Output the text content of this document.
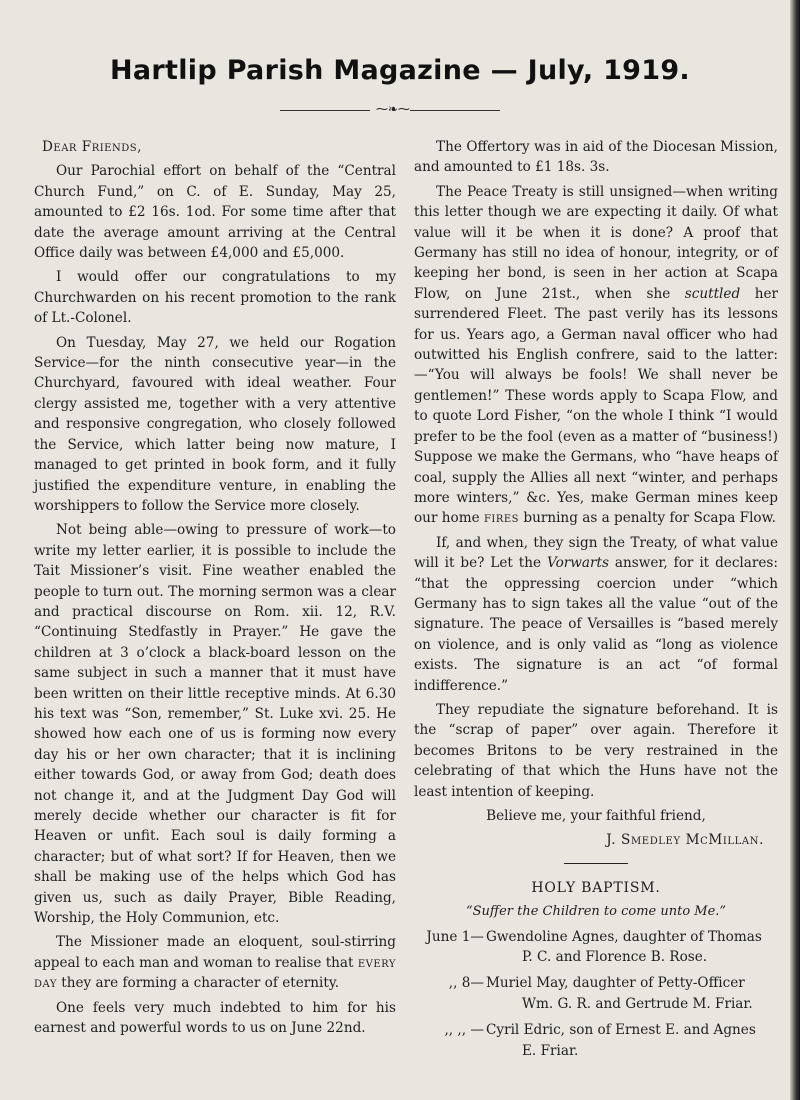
Hartlip Parish Magazine — July, 1919.
⁓❧⁓

Dear Friends,

Our Parochial effort on behalf of the “Central Church Fund,” on C. of E. Sunday, May 25, amounted to £2 16s. 1od. For some time after that date the average amount arriving at the Central Office daily was between £4,000 and £5,000.

I would offer our congratulations to my Churchwarden on his recent promotion to the rank of Lt.-Colonel.

On Tuesday, May 27, we held our Rogation Service—for the ninth consecutive year—in the Churchyard, favoured with ideal weather. Four clergy assisted me, together with a very attentive and responsive congregation, who closely followed the Service, which latter being now mature, I managed to get printed in book form, and it fully justified the expenditure venture, in enabling the worshippers to follow the Service more closely.

Not being able—owing to pressure of work—to write my letter earlier, it is possible to include the Tait Missioner’s visit. Fine weather enabled the people to turn out. The morning sermon was a clear and practical discourse on Rom. xii. 12, R.V. “Continuing Stedfastly in Prayer.” He gave the children at 3 o’clock a black-board lesson on the same subject in such a manner that it must have been written on their little receptive minds. At 6.30 his text was “Son, remember,” St. Luke xvi. 25. He showed how each one of us is forming now every day his or her own character; that it is inclining either towards God, or away from God; death does not change it, and at the Judgment Day God will merely decide whether our character is fit for Heaven or unfit. Each soul is daily forming a character; but of what sort? If for Heaven, then we shall be making use of the helps which God has given us, such as daily Prayer, Bible Reading, Worship, the Holy Communion, etc.

The Missioner made an eloquent, soul-stirring appeal to each man and woman to realise that every day they are forming a character of eternity.

One feels very much indebted to him for his earnest and powerful words to us on June 22nd.

The Offertory was in aid of the Diocesan Mission, and amounted to £1 18s. 3s.

The Peace Treaty is still unsigned—when writing this letter though we are expecting it daily. Of what value will it be when it is done? A proof that Germany has still no idea of honour, integrity, or of keeping her bond, is seen in her action at Scapa Flow, on June 21st., when she scuttled her surrendered Fleet. The past verily has its lessons for us. Years ago, a German naval officer who had outwitted his English confrere, said to the latter:—“You will always be fools! We shall never be gentlemen!” These words apply to Scapa Flow, and to quote Lord Fisher, “on the whole I think “I would prefer to be the fool (even as a matter of “business!) Suppose we make the Germans, who “have heaps of coal, supply the Allies all next “winter, and perhaps more winters,” &c. Yes, make German mines keep our home fires burning as a penalty for Scapa Flow.

If, and when, they sign the Treaty, of what value will it be? Let the Vorwarts answer, for it declares: “that the oppressing coercion under “which Germany has to sign takes all the value “out of the signature. The peace of Versailles is “based merely on violence, and is only valid as “long as violence exists. The signature is an act “of formal indifference.”

They repudiate the signature beforehand. It is the “scrap of paper” over again. Therefore it becomes Britons to be very restrained in the celebrating of that which the Huns have not the least intention of keeping.

Believe me, your faithful friend,

J. Smedley McMillan.

HOLY BAPTISM.

“Suffer the Children to come unto Me.”

June 1— Gwendoline Agnes, daughter of Thomas
P. C. and Florence B. Rose.
,, 8— Muriel May, daughter of Petty-Officer
Wm. G. R. and Gertrude M. Friar.
,, ,, — Cyril Edric, son of Ernest E. and Agnes
E. Friar.
